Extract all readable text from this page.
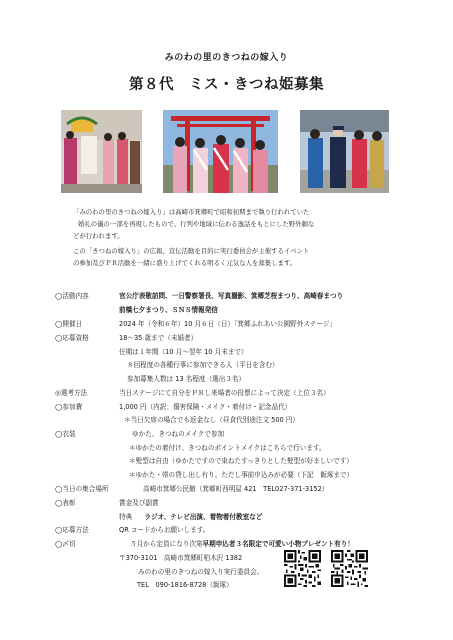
みのわの里のきつねの嫁入り
第８代　ミス・きつね姫募集
「みのわの里のきつねの嫁入り」は高崎市箕郷町で昭和初期まで執り行われていた
婚礼の儀の一部を再現したもので、行列や地域に伝わる逸話をもとにした野外劇な
どが行われます。
この「きつねの嫁入り」の広報、宣伝活動を目的に実行委員会が主催するイベント
の参加及びＰＲ活動を一緒に盛り上げてくれる明るく元気な人を募集します。
◯活動内容	官公庁表敬訪問、一日警察署長、写真撮影、箕郷芝桜まつり、高崎春まつり
前橋七夕まつり、ＳＮＳ情報発信
◯開催日	2024 年（令和６年）10 月６日（日）「箕郷ふれあい公園野外ステージ」
◯応募資格	18～35 歳まで（未婚者）
任期は１年間（10 月～翌年 10 月末まで）
８回程度の各種行事に参加できる人（平日を含む）
参加募集人数は 13 名程度（選出３名）
◎選考方法	当日ステージにて自分をＰＲし来場者の投票によって決定（上位３名）
◯参加費	1,000 円（内訳：傷害保険・メイク・着付け・記念品代）
＊当日欠席の場合でも返金なし（昼食代別途注文 500 円）
◯衣装	ゆかた、きつねのメイクで参加
＊ゆかたの着付け、きつねのポイントメイクはこちらで行います。
＊髪型は自由（ゆかたですので束ねたすっきりとした髪型が好ましいです）
＊ゆかた・帯の貸し出し有り、ただし事前申込みが必要（下記　飯塚まで）
◯当日の集合場所	高崎市箕郷公民館（箕郷町西明屋 421　TEL027-371-3152）
◯表彰	賞金及び副賞
特典 ラジオ、テレビ出演、着物着付教室など
◯応募方法	QR コードからお願いします。
◯〆切	５月から定員になり次第早期申込者３名限定で可愛い小物プレゼント有り！
〒370-3101　高崎市箕郷町柏木沢 1382
みのわの里のきつねの嫁入り実行委員会。
TEL　090-1816-8728（飯塚）
